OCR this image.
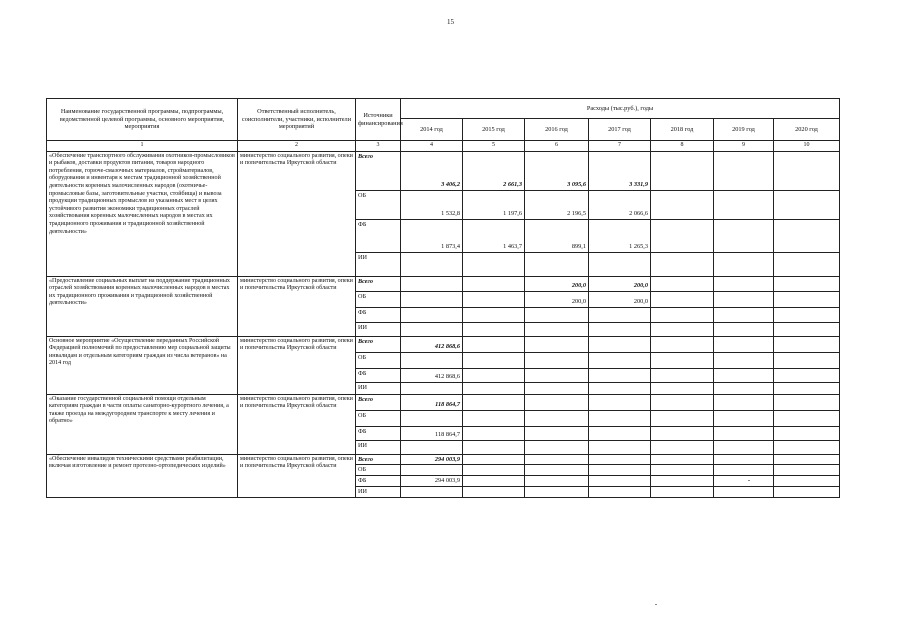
15
Наименование государственной программы, подпрограммы, ведомственной целевой программы, основного мероприятия, мероприятия	Ответственный исполнитель, соисполнители, участники, исполнители мероприятий	Источники финансирования	Расходы (тыс.руб.), годы						
			2014 год	2015 год	2016 год	2017 год	2018 год	2019 год	2020 год
1	2	3	4	5	6	7	8	9	10
«Обеспечение транспортного обслуживания охотников-промысловиков и рыбаков, доставки продуктов питания, товаров народного потребления, горюче-смазочных материалов, стройматериалов, оборудования и инвентаря к местам традиционной хозяйственной деятельности коренных малочисленных народов (охотничье-промысловые базы, заготовительные участки, стойбища) и вывоза продукции традиционных промыслов из указанных мест в целях устойчивого развития экономики традиционных отраслей хозяйствования коренных малочисленных народов в местах их традиционного проживания и традиционной хозяйственной деятельности»	министерство социального развития, опеки и попечительства Иркутской области	Всего	3 406,2	2 661,3	3 095,6	3 331,9			
		ОБ	1 532,8	1 197,6	2 196,5	2 066,6			
		ФБ	1 873,4	1 463,7	899,1	1 265,3			
		ИИ							
«Предоставление социальных выплат на поддержание традиционных отраслей хозяйствования коренных малочисленных народов в местах их традиционного проживания и традиционной хозяйственной деятельности»	министерство социального развития, опеки и попечительства Иркутской области	Всего			200,0	200,0			
		ОБ			200,0	200,0			
		ФБ							
		ИИ							
Основное мероприятие «Осуществление переданных Российской Федерацией полномочий по предоставлению мер социальной защиты инвалидам и отдельным категориям граждан из числа ветеранов» на 2014 год	министерство социального развития, опеки и попечительства Иркутской области	Всего	412 868,6						
		ОБ							
		ФБ	412 868,6						
		ИИ							
«Оказание государственной социальной помощи отдельным категориям граждан в части оплаты санаторно-курортного лечения, а также проезда на междугороднем транспорте к месту лечения и обратно»	министерство социального развития, опеки и попечительства Иркутской области	Всего	118 864,7						
		ОБ							
		ФБ	118 864,7						
		ИИ							
«Обеспечение инвалидов техническими средствами реабилитации, включая изготовление и ремонт протезно-ортопедических изделий»	министерство социального развития, опеки и попечительства Иркутской области	Всего	294 003,9						
		ОБ							
		ФБ	294 003,9						
		ИИ							
